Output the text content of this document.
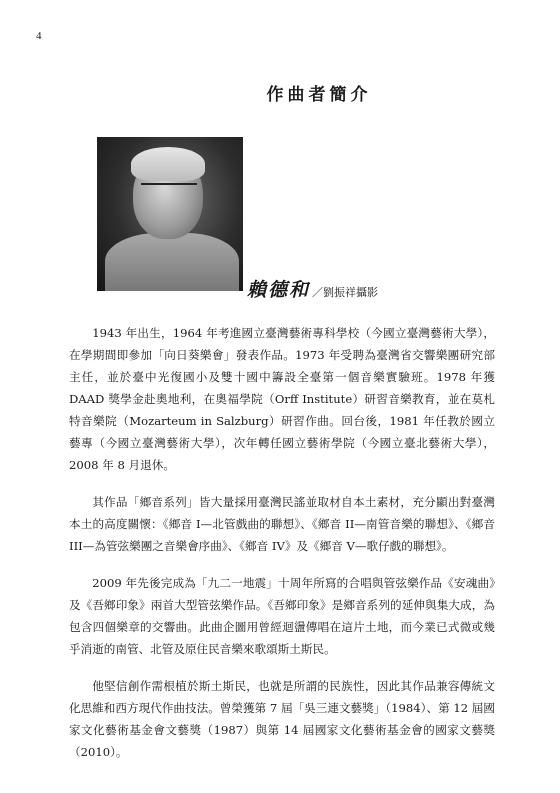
4
作曲者簡介
賴德和 ／劉振祥攝影

1943 年出生，1964 年考進國立臺灣藝術專科學校（今國立臺灣藝術大學），在學期間即參加「向日葵樂會」發表作品。1973 年受聘為臺灣省交響樂團研究部主任，並於臺中光復國小及雙十國中籌設全臺第一個音樂實驗班。1978 年獲 DAAD 獎學金赴奧地利，在奧福學院（Orff Institute）研習音樂教育，並在莫札特音樂院（Mozarteum in Salzburg）研習作曲。回台後，1981 年任教於國立藝專（今國立臺灣藝術大學），次年轉任國立藝術學院（今國立臺北藝術大學），2008 年 8 月退休。

其作品「鄉音系列」皆大量採用臺灣民謠並取材自本土素材，充分顯出對臺灣本土的高度關懷：《鄉音 I—北管戲曲的聯想》、《鄉音 II—南管音樂的聯想》、《鄉音 III—為管弦樂團之音樂會序曲》、《鄉音 IV》及《鄉音 V—歌仔戲的聯想》。

2009 年先後完成為「九二一地震」十周年所寫的合唱與管弦樂作品《安魂曲》及《吾鄉印象》兩首大型管弦樂作品。《吾鄉印象》是鄉音系列的延伸與集大成，為包含四個樂章的交響曲。此曲企圖用曾經迴盪傳唱在這片土地，而今業已式微或幾乎消逝的南管、北管及原住民音樂來歌頌斯土斯民。

他堅信創作需根植於斯土斯民，也就是所謂的民族性，因此其作品兼容傳統文化思維和西方現代作曲技法。曾榮獲第 7 屆「吳三連文藝獎」（1984）、第 12 屆國家文化藝術基金會文藝獎（1987）與第 14 屆國家文化藝術基金會的國家文藝獎（2010）。
